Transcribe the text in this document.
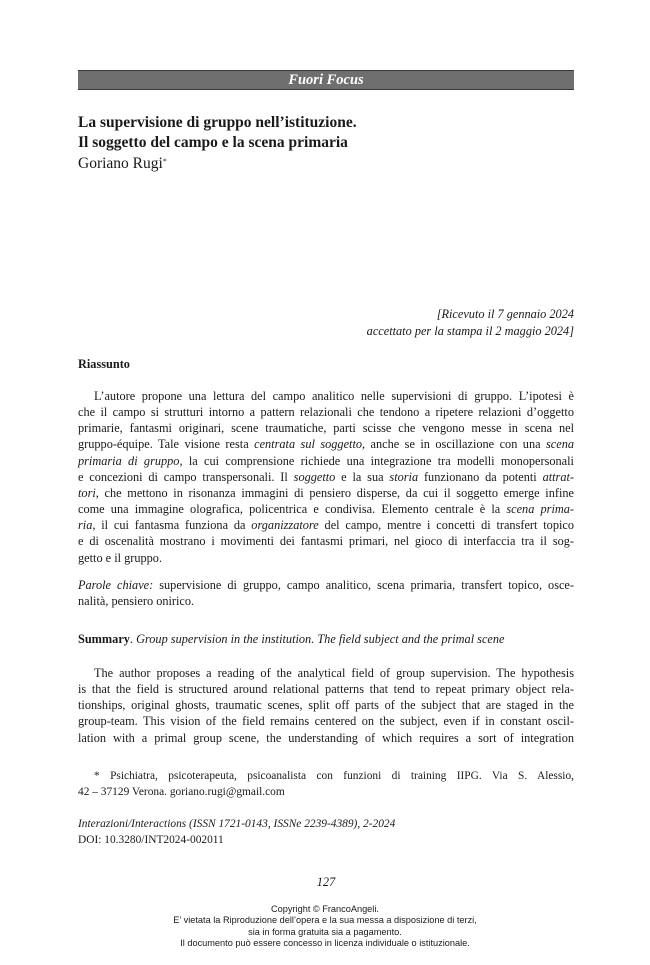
Fuori Focus
La supervisione di gruppo nell’istituzione.
Il soggetto del campo e la scena primaria
Goriano Rugi*
[Ricevuto il 7 gennaio 2024
accettato per la stampa il 2 maggio 2024]
Riassunto
L’autore propone una lettura del campo analitico nelle supervisioni di gruppo. L’ipotesi è
che il campo si strutturi intorno a pattern relazionali che tendono a ripetere relazioni d’oggetto
primarie, fantasmi originari, scene traumatiche, parti scisse che vengono messe in scena nel
gruppo-équipe. Tale visione resta centrata sul soggetto, anche se in oscillazione con una scena
primaria di gruppo, la cui comprensione richiede una integrazione tra modelli monopersonali
e concezioni di campo transpersonali. Il soggetto e la sua storia funzionano da potenti attrat-
tori, che mettono in risonanza immagini di pensiero disperse, da cui il soggetto emerge infine
come una immagine olografica, policentrica e condivisa. Elemento centrale è la scena prima-
ria, il cui fantasma funziona da organizzatore del campo, mentre i concetti di transfert topico
e di oscenalità mostrano i movimenti dei fantasmi primari, nel gioco di interfaccia tra il sog-
getto e il gruppo.
Parole chiave: supervisione di gruppo, campo analitico, scena primaria, transfert topico, osce-
nalità, pensiero onirico.
Summary. Group supervision in the institution. The field subject and the primal scene
The author proposes a reading of the analytical field of group supervision. The hypothesis
is that the field is structured around relational patterns that tend to repeat primary object rela-
tionships, original ghosts, traumatic scenes, split off parts of the subject that are staged in the
group-team. This vision of the field remains centered on the subject, even if in constant oscil-
lation with a primal group scene, the understanding of which requires a sort of integration
* Psichiatra, psicoterapeuta, psicoanalista con funzioni di training IIPG. Via S. Alessio,
42 – 37129 Verona. goriano.rugi@gmail.com
Interazioni/Interactions (ISSN 1721-0143, ISSNe 2239-4389), 2-2024
DOI: 10.3280/INT2024-002011
127
Copyright © FrancoAngeli.
E’ vietata la Riproduzione dell’opera e la sua messa a disposizione di terzi,
sia in forma gratuita sia a pagamento.
Il documento può essere concesso in licenza individuale o istituzionale.
